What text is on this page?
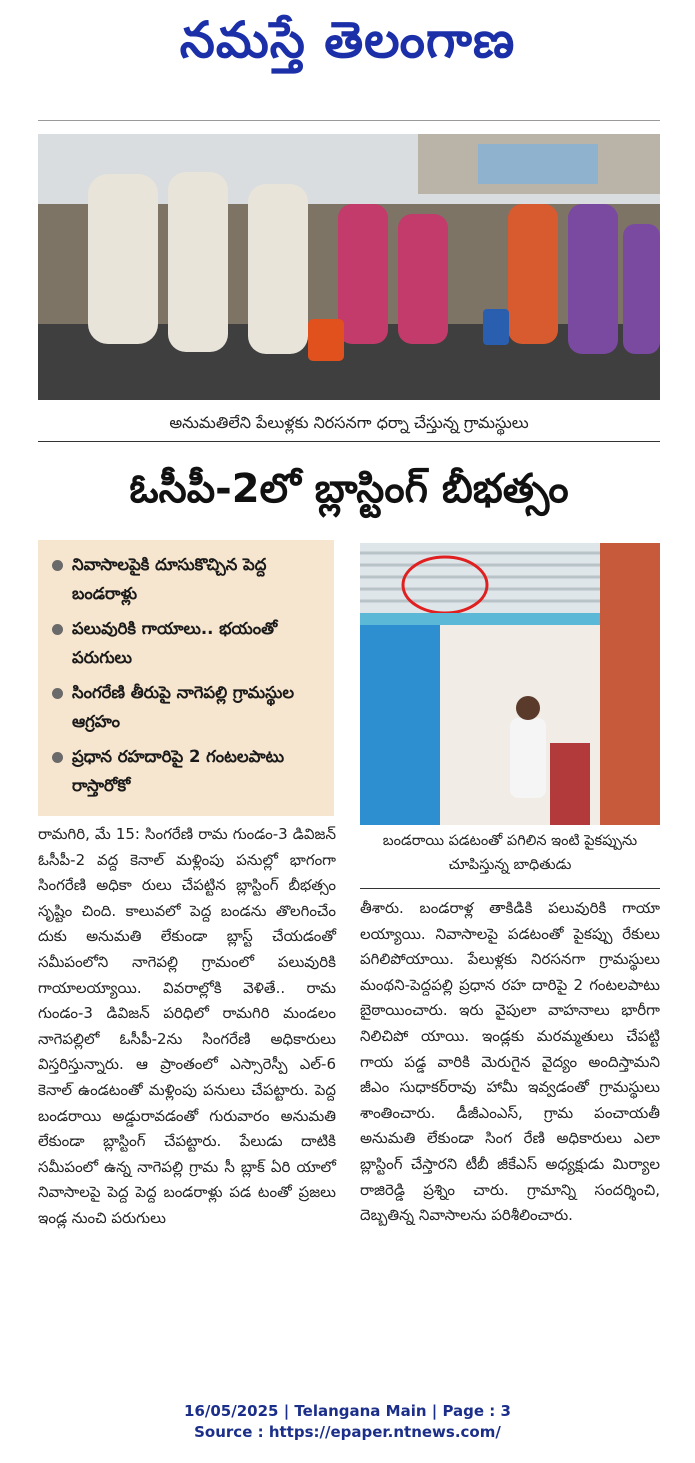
నమస్తే తెలంగాణ
అనుమతిలేని పేలుళ్లకు నిరసనగా ధర్నా చేస్తున్న గ్రామస్థులు
ఓసీపీ-2లో బ్లాస్టింగ్ బీభత్సం
నివాసాలపైకి దూసుకొచ్చిన పెద్ద బండరాళ్లు
పలువురికి గాయాలు.. భయంతో పరుగులు
సింగరేణి తీరుపై నాగెపల్లి గ్రామస్థుల ఆగ్రహం
ప్రధాన రహదారిపై 2 గంటలపాటు రాస్తారోకో
బండరాయి పడటంతో పగిలిన ఇంటి పైకప్పును చూపిస్తున్న బాధితుడు

రామగిరి, మే 15: సింగరేణి రామ గుండం-3 డివిజన్ ఓసీపీ-2 వద్ద కెనాల్ మళ్లింపు పనుల్లో భాగంగా సింగరేణి అధికా రులు చేపట్టిన బ్లాస్టింగ్ బీభత్సం సృష్టిం చింది. కాలువలో పెద్ద బండను తొలగించేం దుకు అనుమతి లేకుండా బ్లాస్ట్ చేయడంతో సమీపంలోని నాగెపల్లి గ్రామంలో పలువురికి గాయాలయ్యాయి. వివరాల్లోకి వెళితే.. రామ గుండం-3 డివిజన్ పరిధిలో రామగిరి మండలం నాగెపల్లిలో ఓసీపీ-2ను సింగరేణి అధికారులు విస్తరిస్తున్నారు. ఆ ప్రాంతంలో ఎస్సారెస్పీ ఎల్-6 కెనాల్ ఉండటంతో మళ్లింపు పనులు చేపట్టారు. పెద్ద బండరాయి అడ్డురావడంతో గురువారం అనుమతి లేకుండా బ్లాస్టింగ్ చేపట్టారు. పేలుడు దాటికి సమీపంలో ఉన్న నాగెపల్లి గ్రామ సీ బ్లాక్ ఏరి యాలో నివాసాలపై పెద్ద పెద్ద బండరాళ్లు పడ టంతో ప్రజలు ఇండ్ల నుంచి పరుగులు

తీశారు. బండరాళ్ల తాకిడికి పలువురికి గాయా లయ్యాయి. నివాసాలపై పడటంతో పైకప్పు రేకులు పగిలిపోయాయి. పేలుళ్లకు నిరసనగా గ్రామస్థులు మంథని-పెద్దపల్లి ప్రధాన రహ దారిపై 2 గంటలపాటు బైఠాయించారు. ఇరు వైపులా వాహనాలు భారీగా నిలిచిపో యాయి. ఇండ్లకు మరమ్మతులు చేపట్టి గాయ పడ్డ వారికి మెరుగైన వైద్యం అందిస్తామని జీఎం సుధాకర్‌రావు హామీ ఇవ్వడంతో గ్రామస్థులు శాంతించారు. డీజీఎంఎస్, గ్రామ పంచాయతీ అనుమతి లేకుండా సింగ రేణి అధికారులు ఎలా బ్లాస్టింగ్ చేస్తారని టీబీ జీకేఎస్ అధ్యక్షుడు మిర్యాల రాజిరెడ్డి ప్రశ్నిం చారు. గ్రామాన్ని సందర్శించి, దెబ్బతిన్న నివాసాలను పరిశీలించారు.

16/05/2025 | Telangana Main | Page : 3
Source : https://epaper.ntnews.com/
